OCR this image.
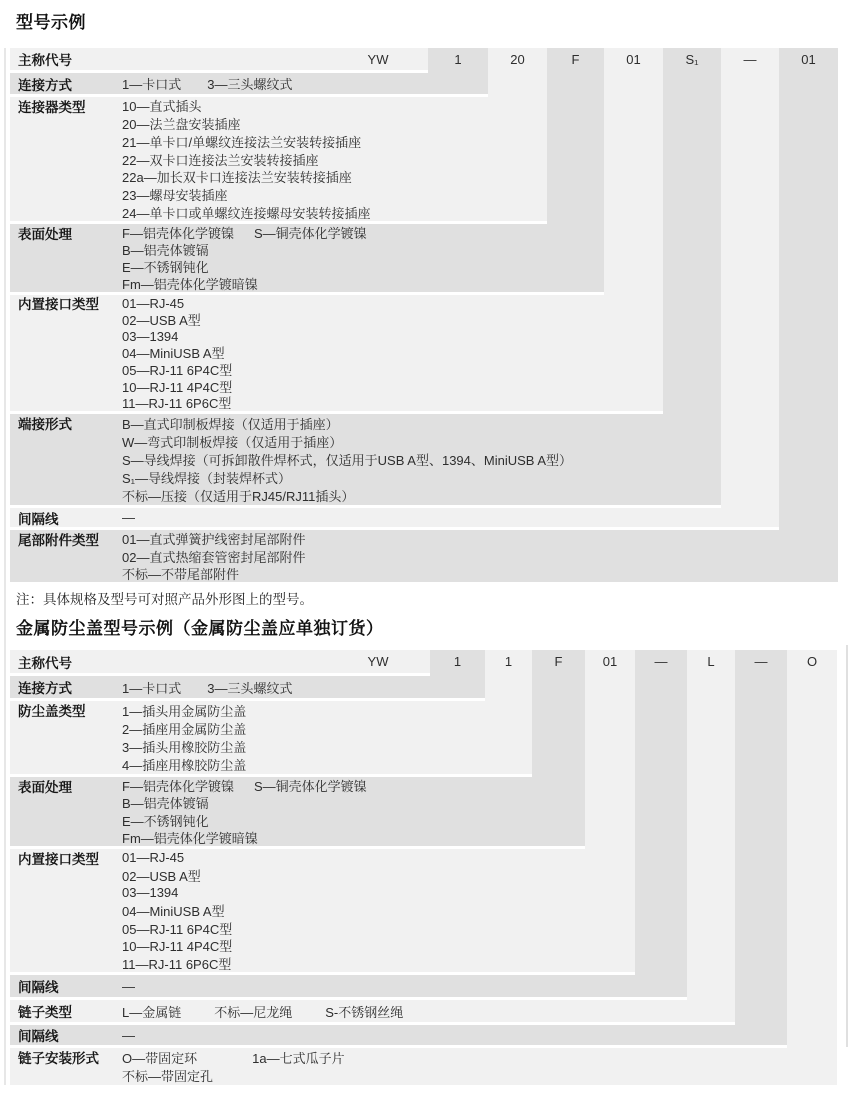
型号示例
注：具体规格及型号可对照产品外形图上的型号。
金属防尘盖型号示例（金属防尘盖应单独订货）
主称代号	YW	1	20	F	01	S₁	—	01
连接方式	1—卡口式 3—三头螺纹式
连接器类型	10—直式插头
20—法兰盘安装插座
21—单卡口/单螺纹连接法兰安装转接插座
22—双卡口连接法兰安装转接插座
22a—加长双卡口连接法兰安装转接插座
23—螺母安装插座
24—单卡口或单螺纹连接螺母安装转接插座
表面处理	F—铝壳体化学镀镍 S—铜壳体化学镀镍
B—铝壳体镀镉
E—不锈钢钝化
Fm—铝壳体化学镀暗镍
内置接口类型 01—RJ-45
02—USB A型
03—1394
04—MiniUSB A型
05—RJ-11 6P4C型
10—RJ-11 4P4C型
11—RJ-11 6P6C型
端接形式	B—直式印制板焊接（仅适用于插座）
W—弯式印制板焊接（仅适用于插座）
S—导线焊接（可拆卸散件焊杯式，仅适用于USB A型、1394、MiniUSB A型）
S₁—导线焊接（封装焊杯式）
不标—压接（仅适用于RJ45/RJ11插头）
间隔线	—
尾部附件类型 01—直式弹簧护线密封尾部附件
02—直式热缩套管密封尾部附件
不标—不带尾部附件
主称代号	YW	1	1	F	01	—	L	—	O
连接方式	1—卡口式 3—三头螺纹式
防尘盖类型	1—插头用金属防尘盖
2—插座用金属防尘盖
3—插头用橡胶防尘盖
4—插座用橡胶防尘盖
表面处理	F—铝壳体化学镀镍 S—铜壳体化学镀镍
B—铝壳体镀镉
E—不锈钢钝化
Fm—铝壳体化学镀暗镍
内置接口类型 01—RJ-45
02—USB A型
03—1394
04—MiniUSB A型
05—RJ-11 6P4C型
10—RJ-11 4P4C型
11—RJ-11 6P6C型
间隔线	—
链子类型	L—金属链	不标—尼龙绳	S-不锈钢丝绳
间隔线	—
链子安装形式 O—带固定环	1a—七式瓜子片
不标—带固定孔
